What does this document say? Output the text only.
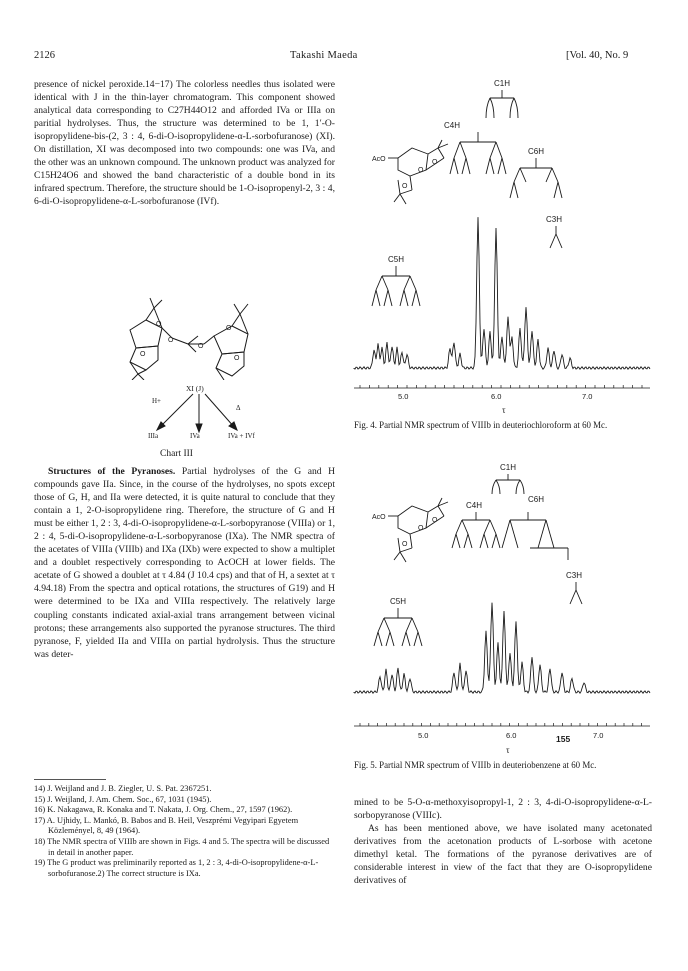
2126	Takashi Maeda	[Vol. 40, No. 9

presence of nickel peroxide.14−17) The colorless needles thus isolated were identical with J in the thin-layer chromatogram. This component showed analytical data corresponding to C27H44O12 and afforded IVa or IIIa on paritial hydrolyses. Thus, the structure was determined to be 1, 1′-O-isopropylidene-bis-(2, 3 : 4, 6-di-O-isopropylidene-α-L-sorbofuranose) (XI). On distillation, XI was decomposed into two compounds: one was IVa, and the other was an unknown compound. The unknown product was analyzed for C15H24O6 and showed the band characteristic of a double bond in its infrared spectrum. Therefore, the structure should be 1-O-isopropenyl-2, 3 : 4, 6-di-O-isopropylidene-α-L-sorbofuranose (IVf).

O
O
O
O
O
O
XI (J)
H+
Δ
IIIa	IVa	IVa + IVf
Chart III

Structures of the Pyranoses. Partial hydrolyses of the G and H compounds gave IIa. Since, in the course of the hydrolyses, no spots except those of G, H, and IIa were detected, it is quite natural to conclude that they contain a 1, 2-O-isopropylidene ring. Therefore, the structure of G and H must be either 1, 2 : 3, 4-di-O-isopropylidene-α-L-sorbopyranose (VIIIa) or 1, 2 : 4, 5-di-O-isopropylidene-α-L-sorbopyranose (IXa). The NMR spectra of the acetates of VIIIa (VIIIb) and IXa (IXb) were expected to show a multiplet and a doublet respectively corresponding to AcOCH at lower fields. The acetate of G showed a doublet at τ 4.84 (J 10.4 cps) and that of H, a sextet at τ 4.94.18) From the spectra and optical rotations, the structures of G19) and H were determined to be IXa and VIIIa respectively. The relatively large coupling constants indicated axial-axial trans arrangement between vicinal protons; these arrangements also supported the pyranose structures. The third pyranose, F, yielded IIa and VIIIa on partial hydrolysis. Thus the structure was deter-

14) J. Weijland and J. B. Ziegler, U. S. Pat. 2367251.

15) J. Weijland, J. Am. Chem. Soc., 67, 1031 (1945).

16) K. Nakagawa, R. Konaka and T. Nakata, J. Org. Chem., 27, 1597 (1962).

17) A. Ujhidy, L. Mankó, B. Babos and B. Heil, Veszprémi Vegyipari Egyetem Közleményel, 8, 49 (1964).

18) The NMR spectra of VIIIb are shown in Figs. 4 and 5. The spectra will be discussed in detail in another paper.

19) The G product was preliminarily reported as 1, 2 : 3, 4-di-O-isopropylidene-α-L-sorbofuranose.2) The correct structure is IXa.

AcO
O
O
O
C1H
C4H
C6H
C3H
C5H
5.0	6.0	7.0
τ
Fig. 4. Partial NMR spectrum of VIIIb in deuteriochloroform at 60 Mc.
AcO
O
O
O
C1H
C4H
C6H
C3H
C5H
5.0	6.0	155	7.0
τ
Fig. 5. Partial NMR spectrum of VIIIb in deuteriobenzene at 60 Mc.

mined to be 5-O-α-methoxyisopropyl-1, 2 : 3, 4-di-O-isopropylidene-α-L-sorbopyranose (VIIIc).

As has been mentioned above, we have isolated many acetonated derivatives from the acetonation products of L-sorbose with acetone dimethyl ketal. The formations of the pyranose derivatives are of considerable interest in view of the fact that they are O-isopropylidene derivatives of
